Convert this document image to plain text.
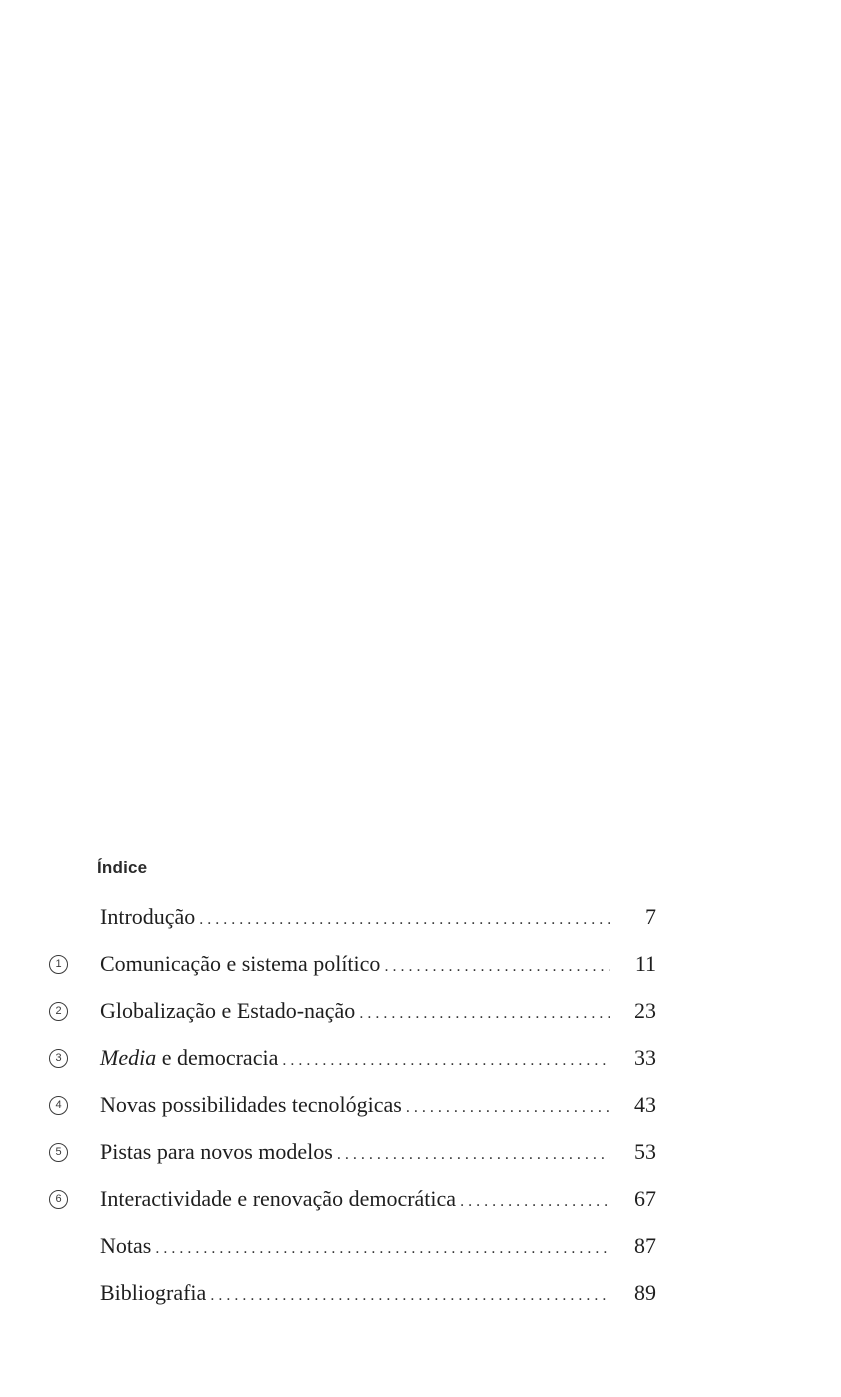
Índice
Introdução . . .	7
1 Comunicação e sistema político . . .	11
2 Globalização e Estado-nação . . .	23
3 Media e democracia . . .	33
4 Novas possibilidades tecnológicas . . .	43
5 Pistas para novos modelos . . .	53
6 Interactividade e renovação democrática . . .	67
Notas . . .	87
Bibliografia . . .	89
